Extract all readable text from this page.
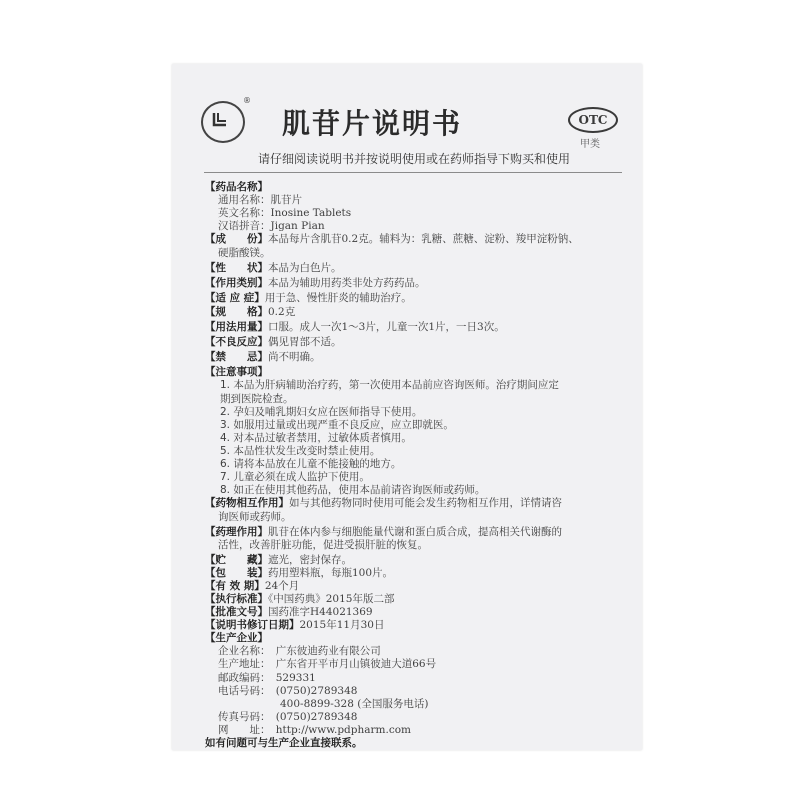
®
肌苷片说明书	OTC
甲类
请仔细阅读说明书并按说明使用或在药师指导下购买和使用
【药品名称】
通用名称：肌苷片
英文名称：Inosine Tablets
汉语拼音：Jigan Pian
【成　　份】本品每片含肌苷0.2克。辅料为：乳糖、蔗糖、淀粉、羧甲淀粉钠、
硬脂酸镁。
【性　　状】本品为白色片。
【作用类别】本品为辅助用药类非处方药药品。
【适 应 症】用于急、慢性肝炎的辅助治疗。
【规　　格】0.2克
【用法用量】口服。成人一次1～3片，儿童一次1片，一日3次。
【不良反应】偶见胃部不适。
【禁　　忌】尚不明确。
【注意事项】
1. 本品为肝病辅助治疗药，第一次使用本品前应咨询医师。治疗期间应定
期到医院检查。
2. 孕妇及哺乳期妇女应在医师指导下使用。
3. 如服用过量或出现严重不良反应，应立即就医。
4. 对本品过敏者禁用，过敏体质者慎用。
5. 本品性状发生改变时禁止使用。
6. 请将本品放在儿童不能接触的地方。
7. 儿童必须在成人监护下使用。
8. 如正在使用其他药品，使用本品前请咨询医师或药师。
【药物相互作用】如与其他药物同时使用可能会发生药物相互作用，详情请咨
询医师或药师。
【药理作用】肌苷在体内参与细胞能量代谢和蛋白质合成，提高相关代谢酶的
活性，改善肝脏功能，促进受损肝脏的恢复。
【贮　　藏】遮光，密封保存。
【包　　装】药用塑料瓶，每瓶100片。
【有 效 期】24个月
【执行标准】《中国药典》2015年版二部
【批准文号】国药准字H44021369
【说明书修订日期】2015年11月30日
【生产企业】
企业名称：　广东彼迪药业有限公司
生产地址：　广东省开平市月山镇彼迪大道66号
邮政编码：　529331
电话号码：　(0750)2789348
400-8899-328 (全国服务电话)
传真号码：　(0750)2789348
网　　址：　http://www.pdpharm.com
如有问题可与生产企业直接联系。
